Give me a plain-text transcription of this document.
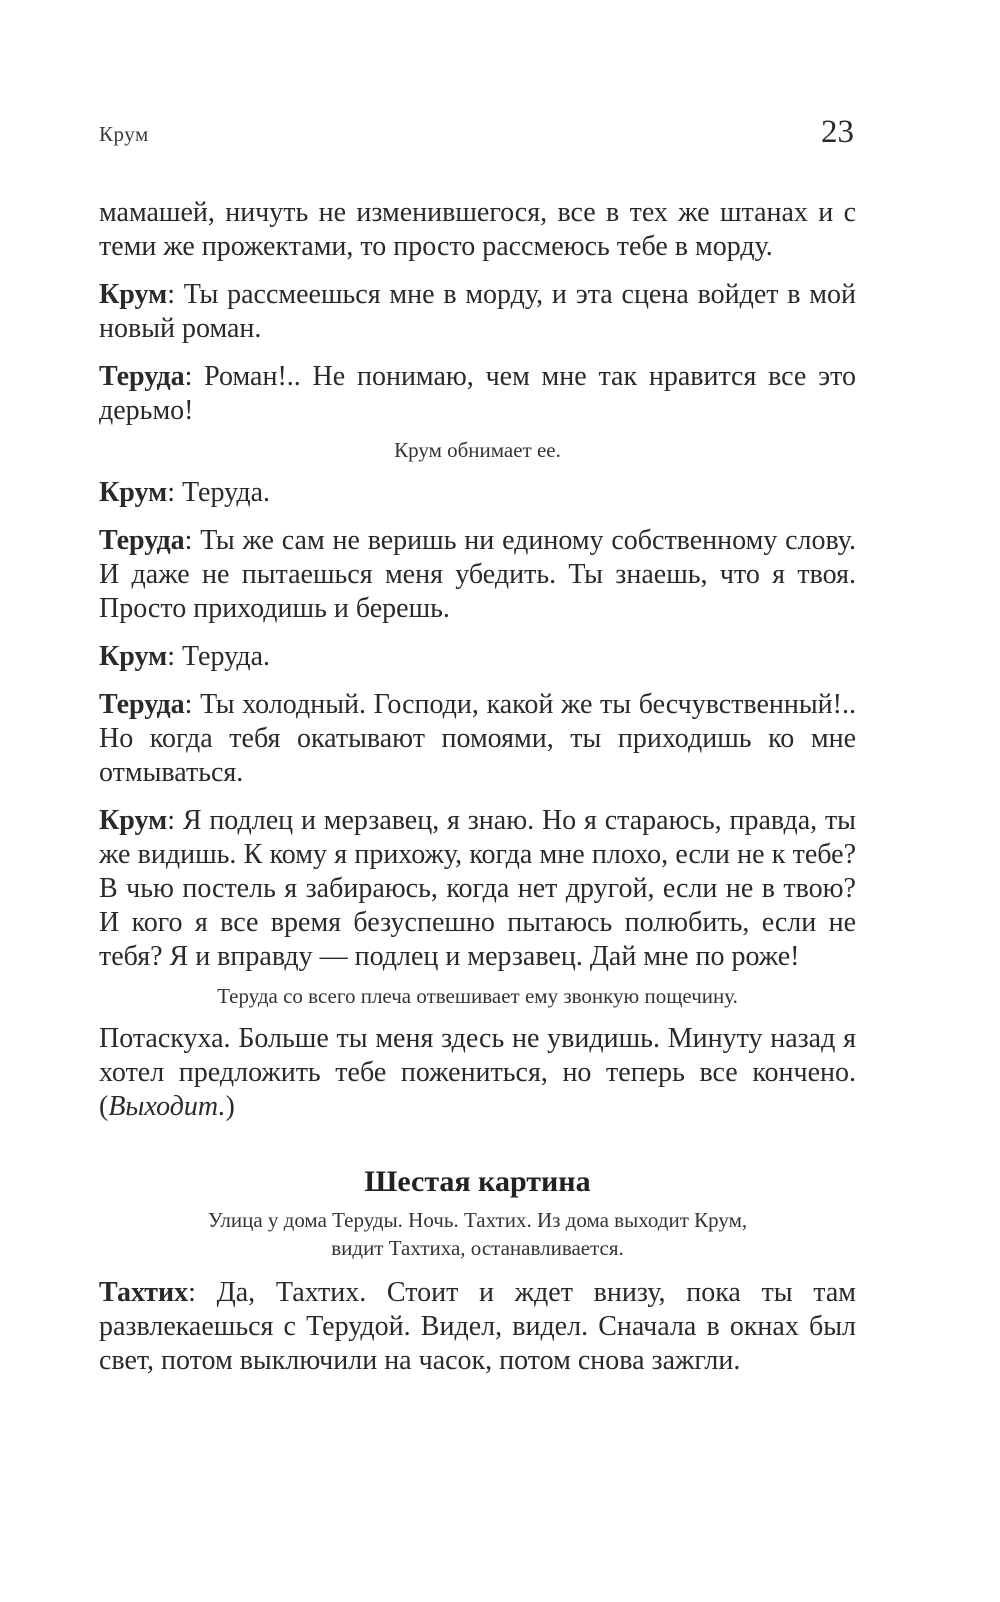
Крум	23

мамашей, ничуть не изменившегося, все в тех же штанах и с теми же прожектами, то просто рассмеюсь тебе в морду.

Крум: Ты рассмеешься мне в морду, и эта сцена войдет в мой новый роман.

Теруда: Роман!.. Не понимаю, чем мне так нравится все это дерьмо!

Крум обнимает ее.

Крум: Теруда.

Теруда: Ты же сам не веришь ни единому собственному слову. И даже не пытаешься меня убедить. Ты знаешь, что я твоя. Просто приходишь и берешь.

Крум: Теруда.

Теруда: Ты холодный. Господи, какой же ты бесчувственный!.. Но когда тебя окатывают помоями, ты приходишь ко мне отмываться.

Крум: Я подлец и мерзавец, я знаю. Но я стараюсь, правда, ты же видишь. К кому я прихожу, когда мне плохо, если не к тебе? В чью постель я забираюсь, когда нет другой, если не в твою? И кого я все время безуспешно пытаюсь полюбить, если не тебя? Я и вправду — подлец и мерзавец. Дай мне по роже!

Теруда со всего плеча отвешивает ему звонкую пощечину.

Потаскуха. Больше ты меня здесь не увидишь. Минуту назад я хотел предложить тебе пожениться, но теперь все кончено. (Выходит.)

Шестая картина
Улица у дома Теруды. Ночь. Тахтих. Из дома выходит Крум,
видит Тахтиха, останавливается.

Тахтих: Да, Тахтих. Стоит и ждет внизу, пока ты там развлекаешься с Терудой. Видел, видел. Сначала в окнах был свет, потом выключили на часок, потом снова зажгли.
